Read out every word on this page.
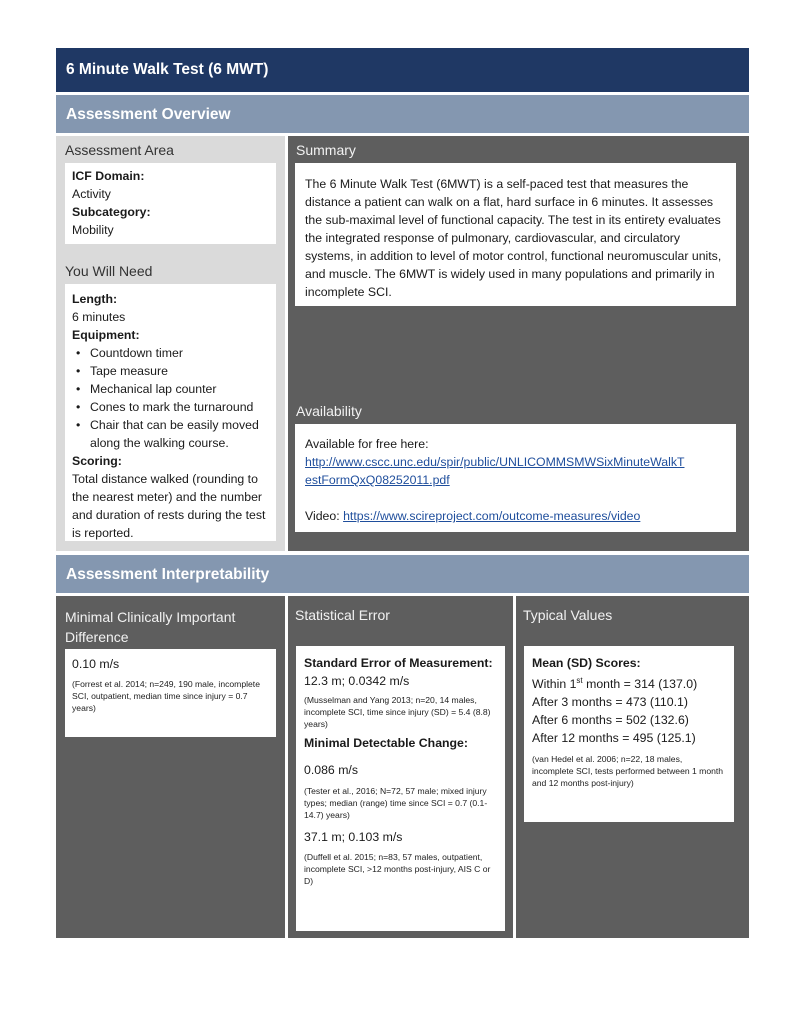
6 Minute Walk Test (6 MWT)
Assessment Overview
Assessment Area
ICF Domain:
Activity
Subcategory:
Mobility
You Will Need
Length:
6 minutes
Equipment:
• Countdown timer
• Tape measure
• Mechanical lap counter
• Cones to mark the turnaround
• Chair that can be easily moved along the walking course.
Scoring:
Total distance walked (rounding to the nearest meter) and the number and duration of rests during the test is reported.
Summary
The 6 Minute Walk Test (6MWT) is a self-paced test that measures the distance a patient can walk on a flat, hard surface in 6 minutes. It assesses the sub-maximal level of functional capacity. The test in its entirety evaluates the integrated response of pulmonary, cardiovascular, and circulatory systems, in addition to level of motor control, functional neuromuscular units, and muscle. The 6MWT is widely used in many populations and primarily in incomplete SCI.
Availability
Available for free here:
http://www.cscc.unc.edu/spir/public/UNLICOMMSMWSixMinuteWalkT
estFormQxQ08252011.pdf
Video: https://www.scireproject.com/outcome-measures/video
Assessment Interpretability
Minimal Clinically Important Difference
0.10 m/s
(Forrest et al. 2014; n=249, 190 male, incomplete SCI, outpatient, median time since injury = 0.7 years)
Statistical Error
Standard Error of Measurement:
12.3 m; 0.0342 m/s
(Musselman and Yang 2013; n=20, 14 males, incomplete SCI, time since injury (SD) = 5.4 (8.8) years)
Minimal Detectable Change:
0.086 m/s
(Tester et al., 2016; N=72, 57 male; mixed injury types; median (range) time since SCI = 0.7 (0.1-14.7) years)
37.1 m; 0.103 m/s
(Duffell et al. 2015; n=83, 57 males, outpatient, incomplete SCI, >12 months post-injury, AIS C or D)
Typical Values
Mean (SD) Scores:
Within 1st month = 314 (137.0)
After 3 months = 473 (110.1)
After 6 months = 502 (132.6)
After 12 months = 495 (125.1)
(van Hedel et al. 2006; n=22, 18 males, incomplete SCI, tests performed between 1 month and 12 months post-injury)
